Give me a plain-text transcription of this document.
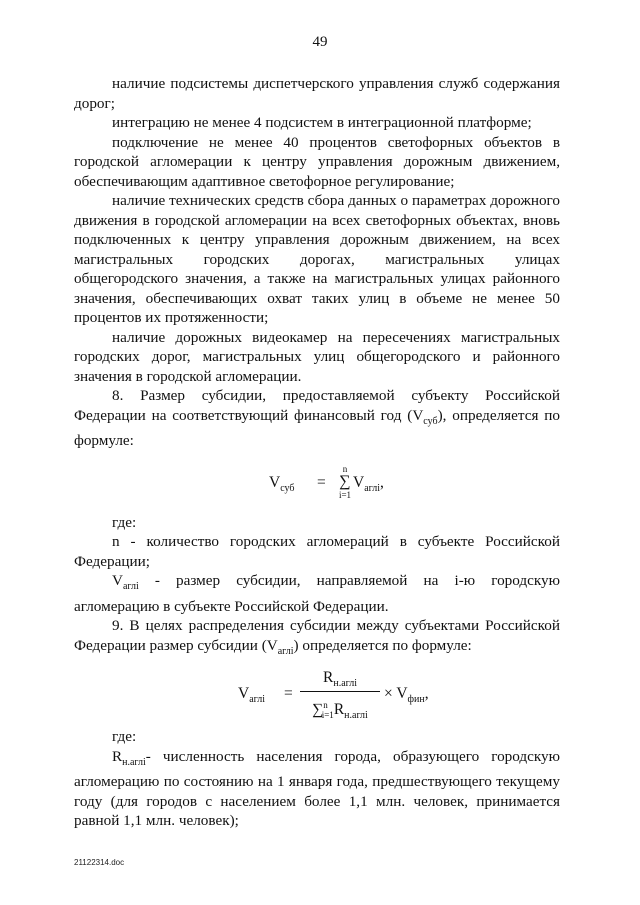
49

наличие подсистемы диспетчерского управления служб содержания дорог;

интеграцию не менее 4 подсистем в интеграционной платформе;

подключение не менее 40 процентов светофорных объектов в городской агломерации к центру управления дорожным движением, обеспечивающим адаптивное светофорное регулирование;

наличие технических средств сбора данных о параметрах дорожного движения в городской агломерации на всех светофорных объектах, вновь подключенных к центру управления дорожным движением, на всех магистральных городских дорогах, магистральных улицах общегородского значения, а также на магистральных улицах районного значения, обеспечивающих охват таких улиц в объеме не менее 50 процентов их протяженности;

наличие дорожных видеокамер на пересечениях магистральных городских дорог, магистральных улиц общегородского и районного значения в городской агломерации.

8. Размер субсидии, предоставляемой субъекту Российской Федерации на соответствующий финансовый год $(V_{суб})$, определяется по формуле:

$V_{суб}$ =
n
∑
i=1
$V_{аглi}$,

где:

n - количество городских агломераций в субъекте Российской Федерации;

$V_{аглi}$ - размер субсидии, направляемой на i-ю городскую агломерацию в субъекте Российской Федерации.

9. В целях распределения субсидии между субъектами Российской Федерации размер субсидии $(V_{аглi})$ определяется по формуле:

$V_{аглi}$ =
$R_{н.аглi}$
$\sum^n_{i=1}R_{н.аглi}$
× $V_{фин}$,

где:

$R_{н.аглi}-$ численность населения города, образующего городскую агломерацию по состоянию на 1 января года, предшествующего текущему году (для городов с населением более 1,1 млн. человек, принимается равной 1,1 млн. человек);

21122314.doc
